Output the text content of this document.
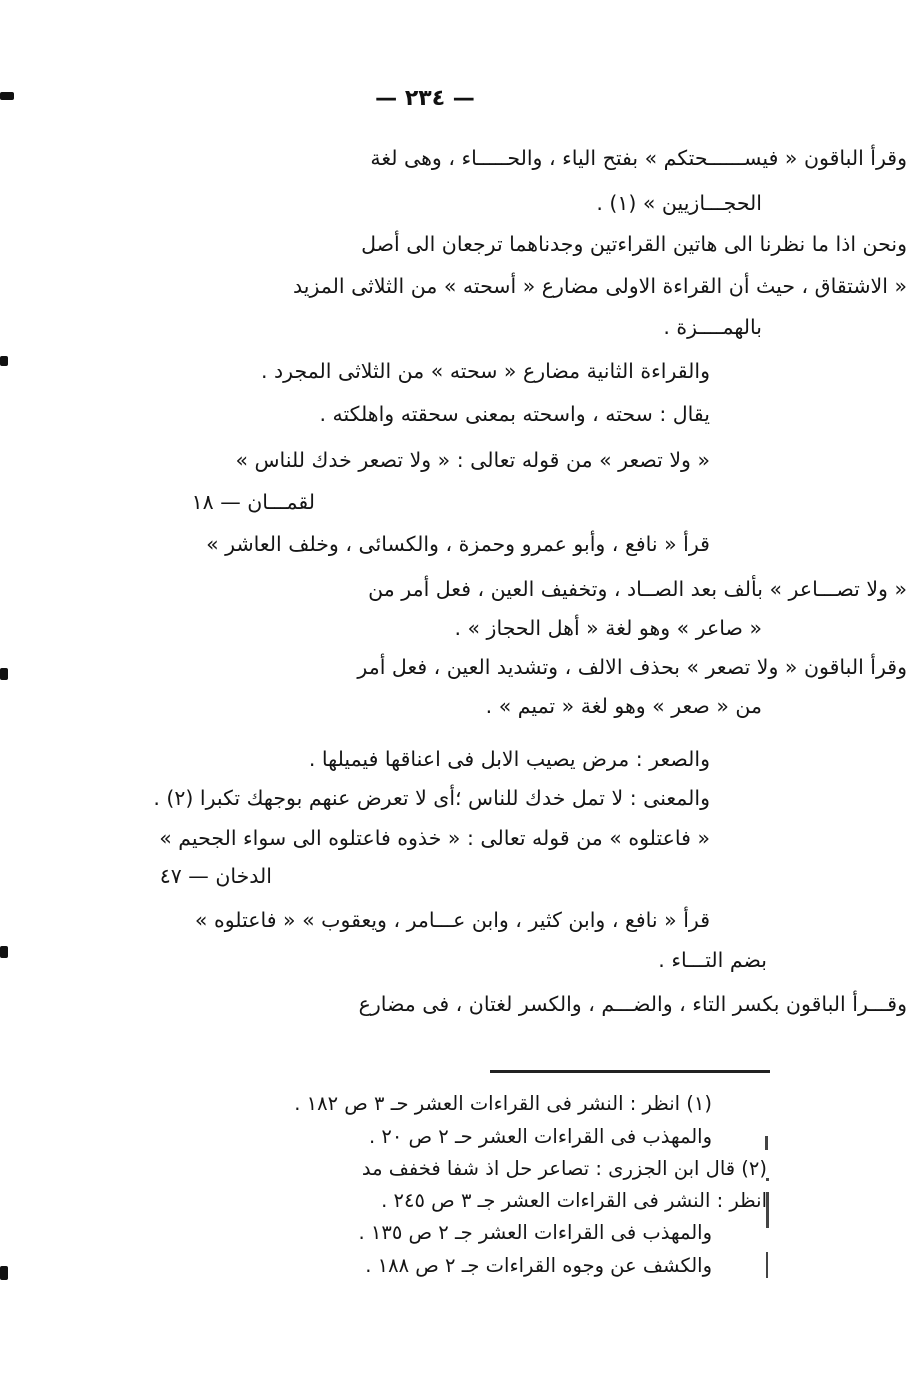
— ٢٣٤ —
وقرأ الباقون « فيســــــحتكم » بفتح الياء ، والحـــــاء ، وهى لغة
الحجـــازيين » (١) .
ونحن اذا ما نظرنا الى هاتين القراءتين وجدناهما ترجعان الى أصل
« الاشتقاق ، حيث أن القراءة الاولى مضارع « أسحته » من الثلاثى المزيد
بالهمــــزة .
والقراءة الثانية مضارع « سحته » من الثلاثى المجرد .
يقال : سحته ، واسحته بمعنى سحقته واهلكته .
« ولا تصعر » من قوله تعالى : « ولا تصعر خدك للناس »
لقمـــان — ١٨
قرأ « نافع ، وأبو عمرو وحمزة ، والكسائى ، وخلف العاشر »
« ولا تصـــاعر » بألف بعد الصــاد ، وتخفيف العين ، فعل أمر من
« صاعر » وهو لغة « أهل الحجاز » .
وقرأ الباقون « ولا تصعر » بحذف الالف ، وتشديد العين ، فعل أمر
من « صعر » وهو لغة « تميم » .
والصعر : مرض يصيب الابل فى اعناقها فيميلها .
والمعنى : لا تمل خدك للناس ؛أى لا تعرض عنهم بوجهك تكبرا (٢) .
« فاعتلوه » من قوله تعالى : « خذوه فاعتلوه الى سواء الجحيم »
الدخان — ٤٧
قرأ « نافع ، وابن كثير ، وابن عـــامر ، ويعقوب » « فاعتلوه »
بضم التـــاء .
وقـــرأ الباقون بكسر التاء ، والضـــم ، والكسر لغتان ، فى مضارع
(١) انظر : النشر فى القراءات العشر حـ ٣ ص ١٨٢ .
والمهذب فى القراءات العشر حـ ٢ ص ٢٠ .
(٢) قال ابن الجزرى : تصاعر حل اذ شفا فخفف مد
انظر : النشر فى القراءات العشر جـ ٣ ص ٢٤٥ .
والمهذب فى القراءات العشر جـ ٢ ص ١٣٥ .
والكشف عن وجوه القراءات جـ ٢ ص ١٨٨ .
